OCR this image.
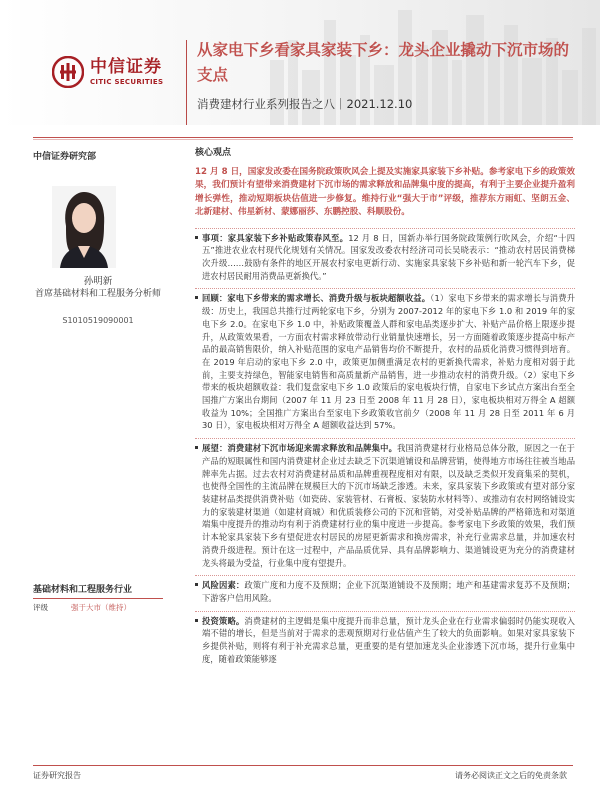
中信证券
CITIC SECURITIES
从家电下乡看家具家装下乡：龙头企业撬动下沉市场的支点
消费建材行业系列报告之八｜2021.12.10
中信证券研究部
孙明新
首席基础材料和工程服务分析师
S1010519090001
基础材料和工程服务行业
评级	强于大市（维持）
核心观点
12 月 8 日，国家发改委在国务院政策吹风会上提及实施家具家装下乡补贴。参考家电下乡的政策效果，我们预计有望带来消费建材下沉市场的需求释放和品牌集中度的提高，有利于主要企业提升盈利增长弹性，推动短期板块估值进一步修复。维持行业“强大于市”评级，推荐东方雨虹、坚朗五金、北新建材、伟星新材、蒙娜丽莎、东鹏控股、科顺股份。

事项：家具家装下乡补贴政策春风至。12 月 8 日，国新办举行国务院政策例行吹风会，介绍“十四五”推进农业农村现代化规划有关情况。国家发改委农村经济司司长吴晓表示：“推动农村居民消费梯次升级……鼓励有条件的地区开展农村家电更新行动、实施家具家装下乡补贴和新一轮汽车下乡，促进农村居民耐用消费品更新换代。”

回顾：家电下乡带来的需求增长、消费升级与板块超额收益。（1）家电下乡带来的需求增长与消费升级：历史上，我国总共推行过两轮家电下乡，分别为 2007-2012 年的家电下乡 1.0 和 2019 年的家电下乡 2.0。在家电下乡 1.0 中，补贴政策覆盖人群和家电品类逐步扩大、补贴产品价格上限逐步提升，从政策效果看，一方面农村需求释放带动行业销量快速增长，另一方面随着政策逐步提高中标产品的最高销售限价，纳入补贴范围的家电产品销售均价不断提升，农村的品质化消费习惯得到培育。在 2019 年启动的家电下乡 2.0 中，政策更加侧重满足农村的更新换代需求，补贴力度相对弱于此前，主要支持绿色，智能家电销售和高质量新产品销售，进一步推动农村的消费升级。（2）家电下乡带来的板块超额收益：我们复盘家电下乡 1.0 政策后的家电板块行情，自家电下乡试点方案出台至全国推广方案出台期间（2007 年 11 月 23 日至 2008 年 11 月 28 日），家电板块相对万得全 A 超额收益为 10%；全国推广方案出台至家电下乡政策收官前夕（2008 年 11 月 28 日至 2011 年 6 月 30 日），家电板块相对万得全 A 超额收益达到 57%。

展望：消费建材下沉市场迎来需求释放和品牌集中。我国消费建材行业格局总体分散，原因之一在于产品的短眼属性和国内消费建材企业过去缺乏下沉渠道铺设和品牌营销，使得地方市场往往被当地品牌率先占据。过去农村对消费建材品质和品牌重视程度相对有限，以及缺乏类似开发商集采的契机，也使得全国性的主流品牌在规模巨大的下沉市场缺乏渗透。未来，家具家装下乡政策或有望对部分家装建材品类提供消费补贴（如瓷砖、家装管材、石膏板、家装防水材料等）、或推动有农村网络铺设实力的家装建材渠道（如建材商城）和优质装修公司的下沉和营销，对受补贴品牌的严格筛选和对渠道端集中度提升的推动均有利于消费建材行业的集中度进一步提高。参考家电下乡政策的效果，我们预计本轮家具家装下乡有望促进农村居民的房屋更新需求和换房需求，补充行业需求总量，并加速农村消费升级进程。预计在这一过程中，产品品质优异、具有品牌影响力、渠道铺设更为充分的消费建材龙头将最为受益，行业集中度有望提升。

风险因素：政策广度和力度不及预期；企业下沉渠道铺设不及预期；地产和基建需求复苏不及预期；下游客户信用风险。

投资策略。消费建材的主逻辑是集中度提升而非总量，预计龙头企业在行业需求偏弱时仍能实现收入端不错的增长，但是当前对于需求的悲观预期对行业估值产生了较大的负面影响。如果对家具家装下乡提供补贴，则将有利于补充需求总量，更重要的是有望加速龙头企业渗透下沉市场，提升行业集中度，随着政策能够逐

证券研究报告	请务必阅读正文之后的免责条款
